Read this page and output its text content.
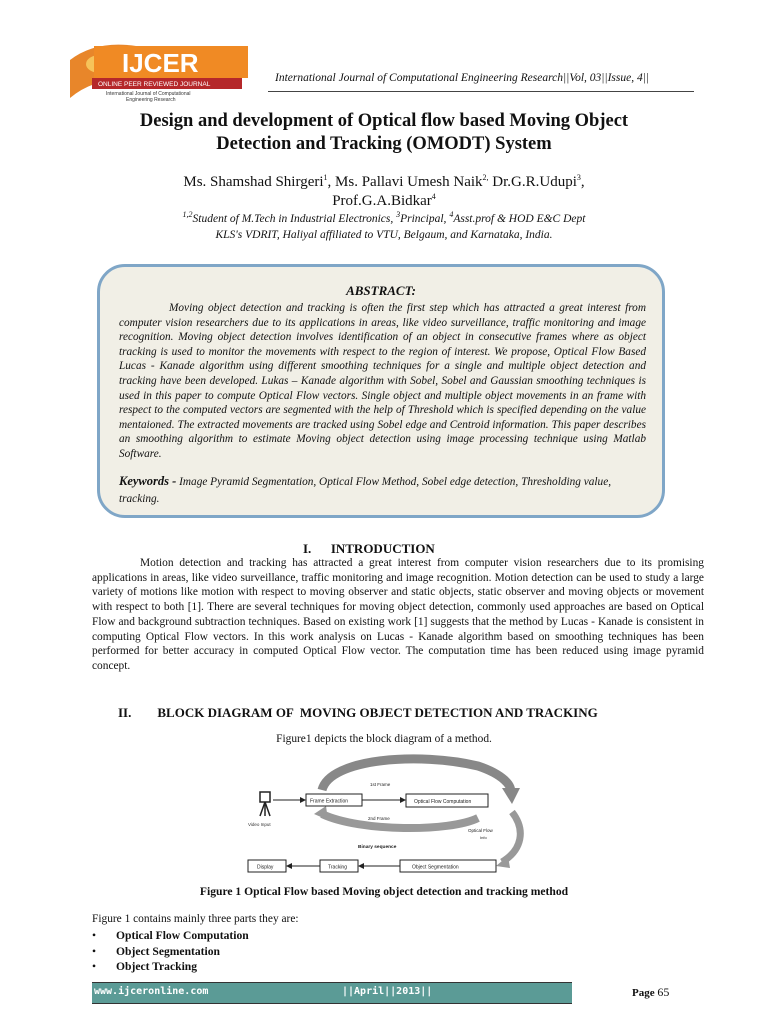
IJCER
ONLINE PEER REVIEWED JOURNAL
International Journal of Computational
Engineering Research
International Journal of Computational Engineering Research||Vol, 03||Issue, 4||
Design and development of Optical flow based Moving Object
Detection and Tracking (OMODT) System
Ms. Shamshad Shirgeri$^1$, Ms. Pallavi Umesh Naik$^{2,}$ Dr.G.R.Udupi$^3$,
Prof.G.A.Bidkar$^4$
$^{1,2}$Student of M.Tech in Industrial Electronics, $^3$Principal, $^4$Asst.prof & HOD E&C Dept
KLS's VDRIT, Haliyal affiliated to VTU, Belgaum, and Karnataka, India.
ABSTRACT:
Moving object detection and tracking is often the first step which has attracted a great interest from computer vision researchers due to its applications in areas, like video surveillance, traffic monitoring and image recognition. Moving object detection involves identification of an object in consecutive frames where as object tracking is used to monitor the movements with respect to the region of interest. We propose, Optical Flow Based Lucas - Kanade algorithm using different smoothing techniques for a single and multiple object detection and tracking have been developed. Lukas – Kanade algorithm with Sobel, Sobel and Gaussian smoothing techniques is used in this paper to compute Optical Flow vectors. Single object and multiple object movements in an frame with respect to the computed vectors are segmented with the help of Threshold which is specified depending on the value mentaioned. The extracted movements are tracked using Sobel edge and Centroid information. This paper describes an smoothing algorithm to estimate Moving object detection using image processing technique using Matlab Software.
Keywords - Image Pyramid Segmentation, Optical Flow Method, Sobel edge detection, Thresholding value, tracking.
I. INTRODUCTION
Motion detection and tracking has attracted a great interest from computer vision researchers due to its promising applications in areas, like video surveillance, traffic monitoring and image recognition. Motion detection can be used to study a large variety of motions like motion with respect to moving observer and static objects, static observer and moving objects or movement with respect to both [1]. There are several techniques for moving object detection, commonly used approaches are based on Optical Flow and background subtraction techniques. Based on existing work [1] suggests that the method by Lucas - Kanade is consistent in computing Optical Flow vectors. In this work analysis on Lucas - Kanade algorithm based on smoothing techniques has been performed for better accuracy in computed Optical Flow vector. The computation time has been reduced using image pyramid concept.
II. BLOCK DIAGRAM OF  MOVING OBJECT DETECTION AND TRACKING
Figure1 depicts the block diagram of a method.
Video Input
Frame Extraction
1st Frame
2nd Frame
Optical Flow Computation
Optical Flow
Info
Binary sequence
Object Segmentation
Tracking
Display
Figure 1 Optical Flow based Moving object detection and tracking method
Figure 1 contains mainly three parts they are:
• Optical Flow Computation
• Object Segmentation
• Object Tracking
www.ijceronline.com	||April||2013||	Page 65
